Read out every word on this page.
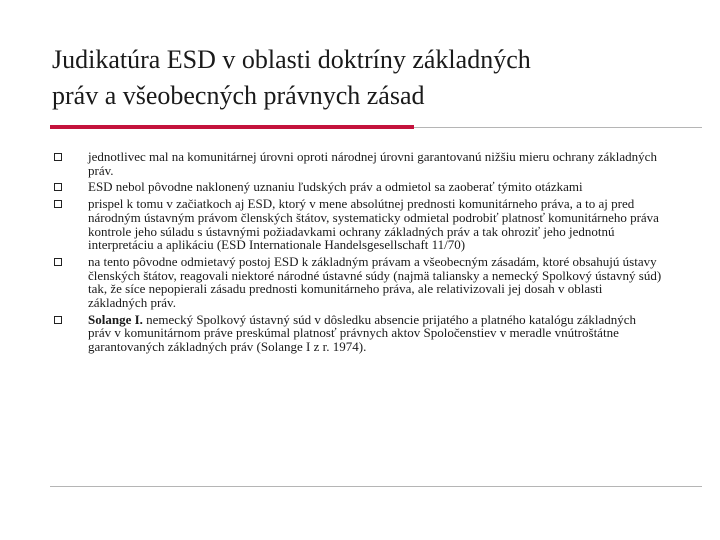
Judikatúra ESD v oblasti doktríny základných
práv a všeobecných právnych zásad
jednotlivec mal na komunitárnej úrovni oproti národnej úrovni garantovanú nižšiu mieru ochrany základných práv.
ESD nebol pôvodne naklonený uznaniu ľudských práv a odmietol sa zaoberať týmito otázkami
prispel k tomu v začiatkoch aj ESD, ktorý v mene absolútnej prednosti komunitárneho práva, a to aj pred národným ústavným právom členských štátov, systematicky odmietal podrobiť platnosť komunitárneho práva kontrole jeho súladu s ústavnými požiadavkami ochrany základných práv a tak ohroziť jeho jednotnú interpretáciu a aplikáciu (ESD Internationale Handelsgesellschaft 11/70)
na tento pôvodne odmietavý postoj ESD k základným právam a všeobecným zásadám, ktoré obsahujú ústavy členských štátov, reagovali niektoré národné ústavné súdy (najmä taliansky a nemecký Spolkový ústavný súd) tak, že síce nepopierali zásadu prednosti komunitárneho práva, ale relativizovali jej dosah v oblasti základných práv.
Solange I. nemecký Spolkový ústavný súd v dôsledku absencie prijatého a platného katalógu základných práv v komunitárnom práve preskúmal platnosť právnych aktov Spoločenstiev v meradle vnútroštátne garantovaných základných práv (Solange I z r. 1974).
